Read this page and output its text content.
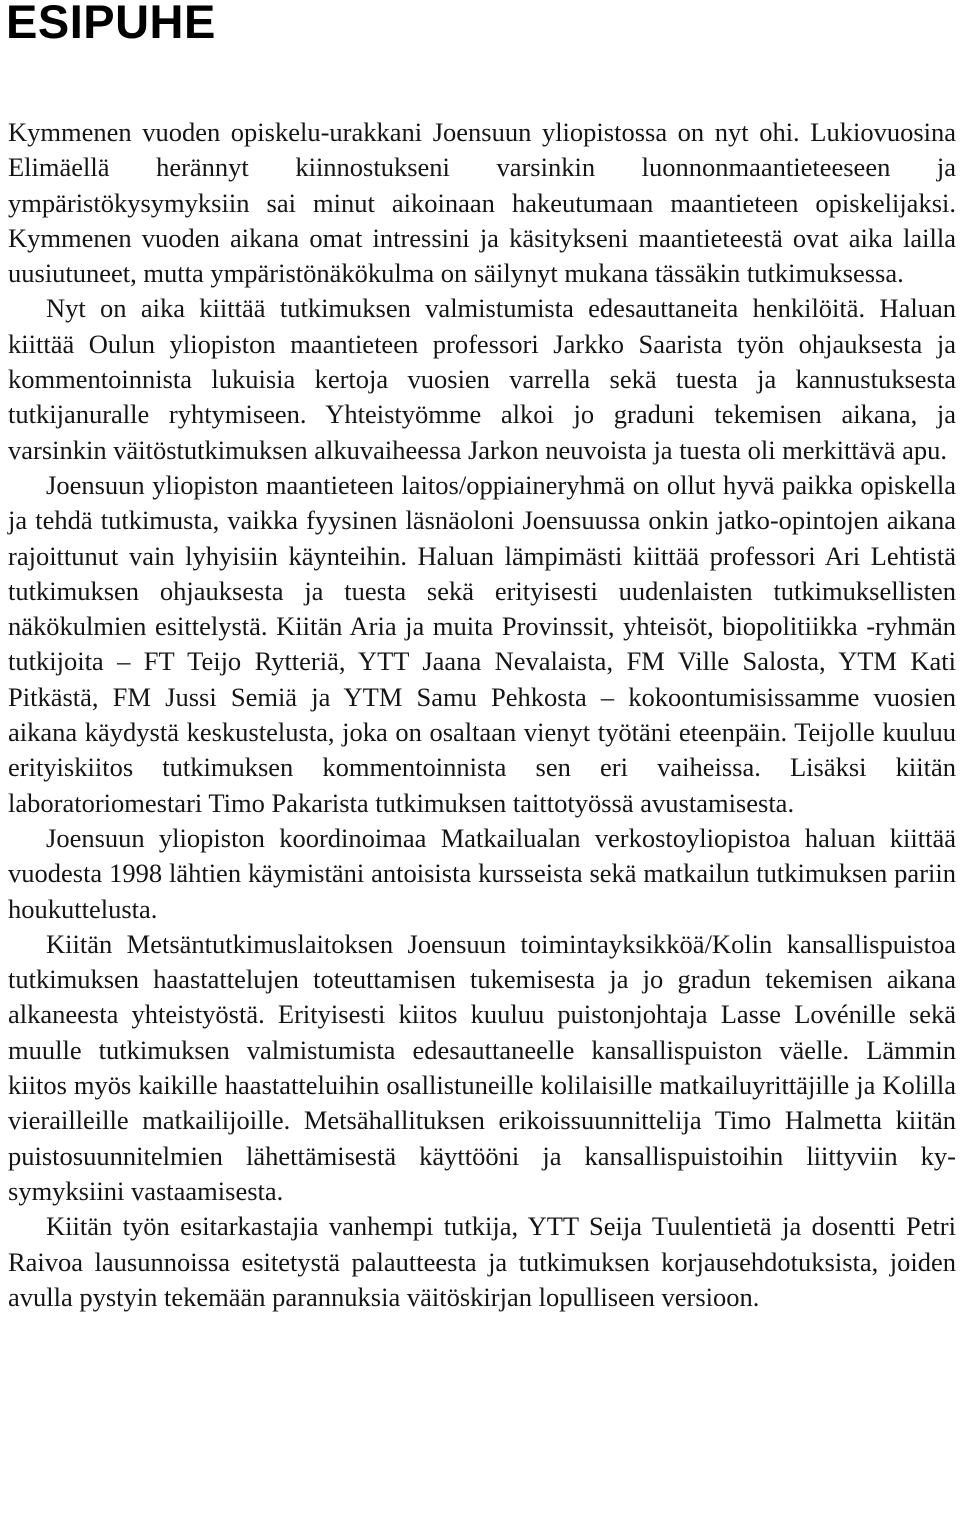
ESIPUHE

Kymmenen vuoden opiskelu-urakkani Joensuun yliopistossa on nyt ohi. Lukiovuosina Elimäellä herännyt kiinnostukseni varsinkin luonnonmaantieteeseen ja ympäristökysymyksiin sai minut aikoinaan hakeutumaan maantieteen opiskelijaksi. Kymmenen vuoden aikana omat intressini ja käsitykseni maantieteestä ovat aika lailla uusiutuneet, mutta ympäristönäkökulma on säilynyt mukana tässäkin tutkimuksessa.

Nyt on aika kiittää tutkimuksen valmistumista edesauttaneita henkilöitä. Haluan kiittää Oulun yliopiston maantieteen professori Jarkko Saarista työn ohjauksesta ja kommentoinnista lukuisia kertoja vuosien varrella sekä tuesta ja kannustuksesta tutkijanuralle ryhtymiseen. Yhteistyömme alkoi jo graduni tekemisen aikana, ja varsinkin väitöstutkimuksen alkuvaiheessa Jarkon neuvoista ja tuesta oli merkittävä apu.

Joensuun yliopiston maantieteen laitos/oppiaineryhmä on ollut hyvä paikka opiskella ja tehdä tutkimusta, vaikka fyysinen läsnäoloni Joensuussa onkin jatko-opintojen aikana rajoittunut vain lyhyisiin käynteihin. Haluan lämpimästi kiittää professori Ari Lehtistä tutkimuksen ohjauksesta ja tuesta sekä erityisesti uudenlaisten tutkimuksellisten näkökulmien esittelystä. Kiitän Aria ja muita Provinssit, yhteisöt, biopolitiikka -ryhmän tutkijoita – FT Teijo Rytteriä, YTT Jaana Nevalaista, FM Ville Salosta, YTM Kati Pitkästä, FM Jussi Semiä ja YTM Samu Pehkosta – kokoontumisissamme vuosien aikana käydystä keskustelusta, joka on osaltaan vienyt työtäni eteenpäin. Teijolle kuuluu erityiskiitos tutkimuksen kommentoinnista sen eri vaiheissa. Lisäksi kiitän laboratoriomestari Timo Pakarista tutkimuksen taittotyössä avustamisesta.

Joensuun yliopiston koordinoimaa Matkailualan verkostoyliopistoa haluan kiittää vuodesta 1998 lähtien käymistäni antoisista kursseista sekä matkailun tutkimuksen pariin houkuttelusta.

Kiitän Metsäntutkimuslaitoksen Joensuun toimintayksikköä/Kolin kansallispuistoa tutkimuksen haastattelujen toteuttamisen tukemisesta ja jo gradun tekemisen aikana alkaneesta yhteistyöstä. Erityisesti kiitos kuuluu puistonjohtaja Lasse Lovénille sekä muulle tutkimuksen valmistumista edesauttaneelle kansallispuiston väelle. Lämmin kiitos myös kaikille haastatteluihin osallistuneille kolilaisille matkailuyrittäjille ja Kolilla vierailleille matkailijoille. Metsähallituksen erikoissuunnittelija Timo Halmetta kiitän puistosuunnitelmien lähettämisestä käyttööni ja kansallispuistoihin liittyviin kysymyksiini vastaamisesta.

Kiitän työn esitarkastajia vanhempi tutkija, YTT Seija Tuulentietä ja dosentti Petri Raivoa lausunnoissa esitetystä palautteesta ja tutkimuksen korjausehdotuksista, joiden avulla pystyin tekemään parannuksia väitöskirjan lopulliseen versioon.
